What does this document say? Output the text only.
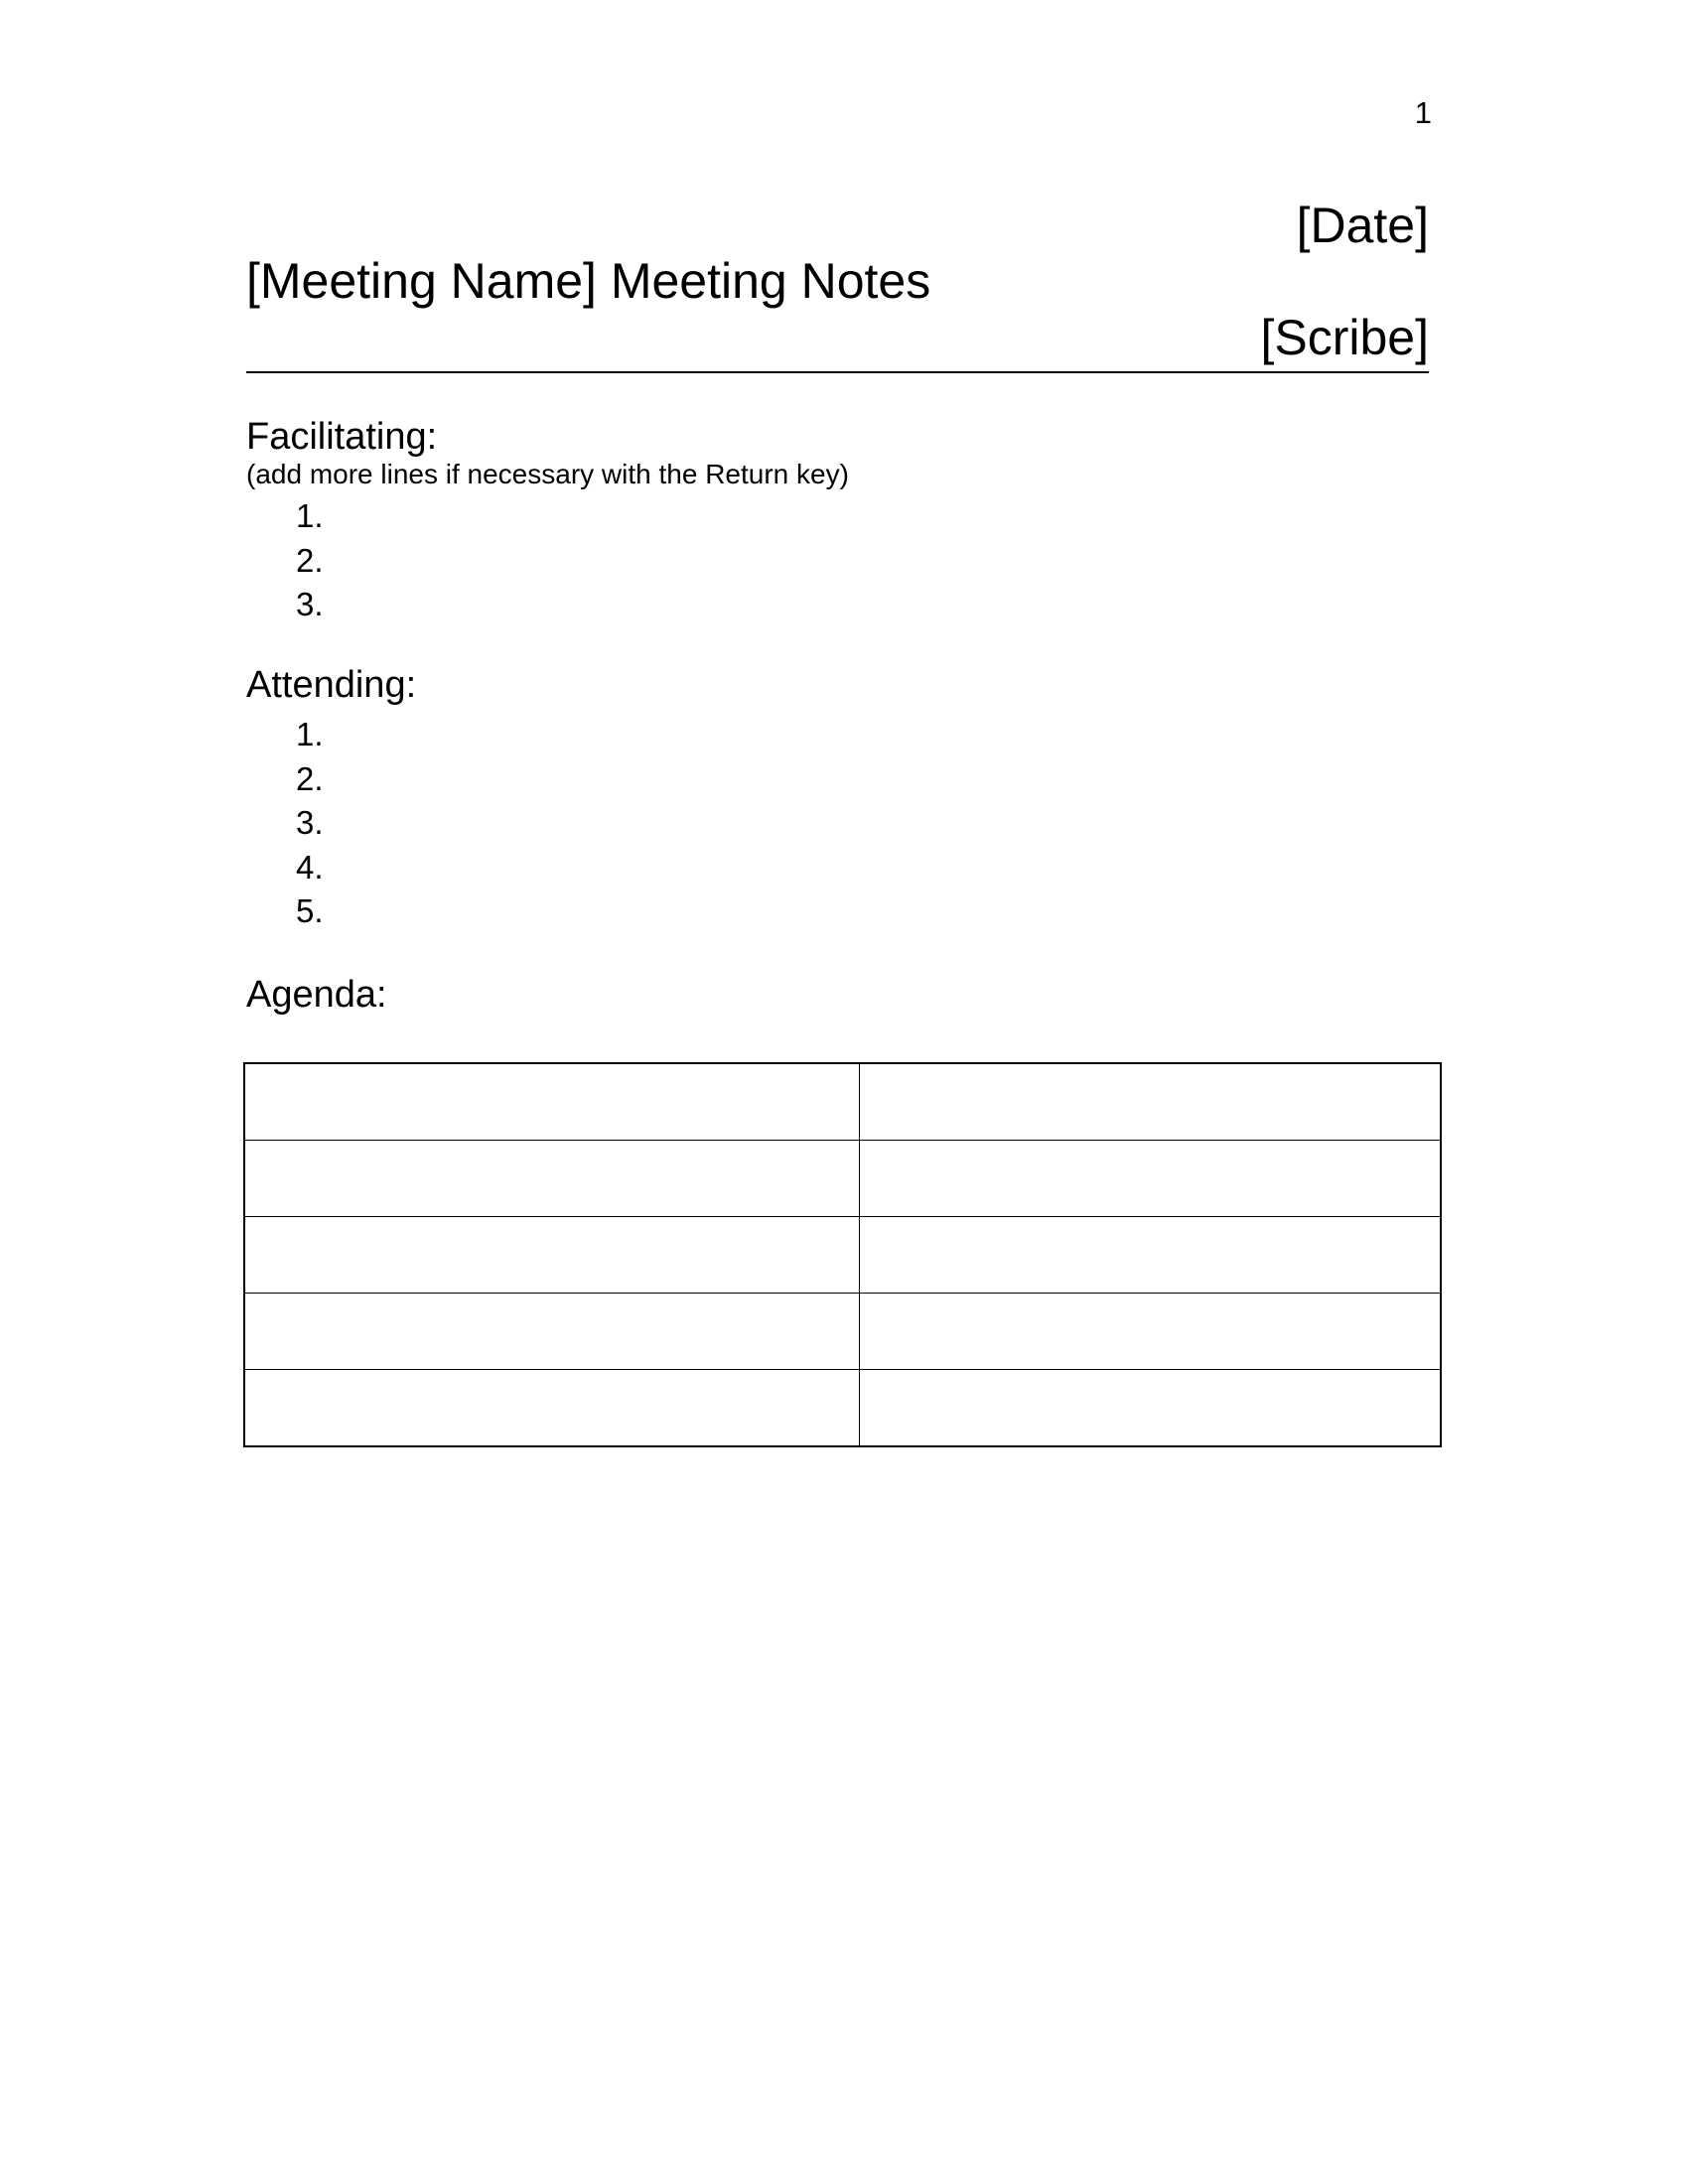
1
[Date]
[Meeting Name] Meeting Notes
[Scribe]
Facilitating:
(add more lines if necessary with the Return key)
1.
2.
3.
Attending:
1.
2.
3.
4.
5.
Agenda:
